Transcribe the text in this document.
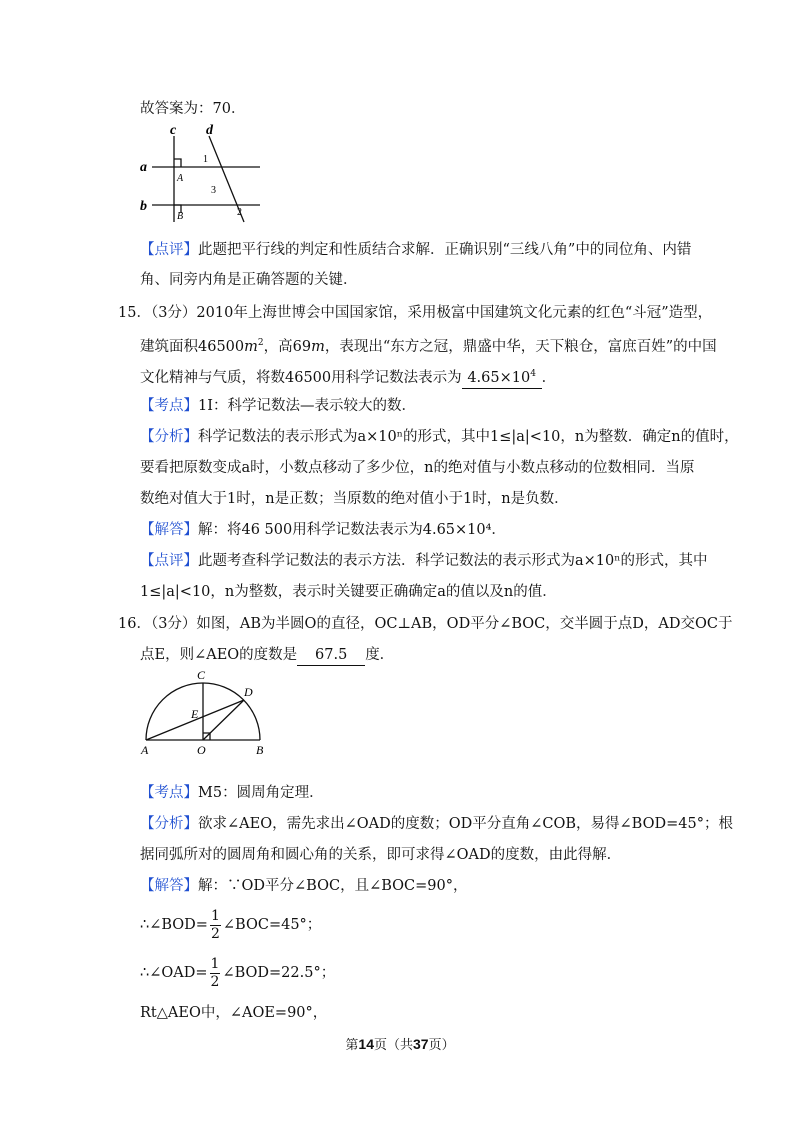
故答案为：70．
c d
a
b
A
B
1
3
2
【点评】此题把平行线的判定和性质结合求解．正确识别“三线八角”中的同位角、内错
角、同旁内角是正确答题的关键．
15．（3分）2010年上海世博会中国国家馆，采用极富中国建筑文化元素的红色“斗冠”造型，
建筑面积$46500m^2$，高69m，表现出“东方之冠，鼎盛中华，天下粮仓，富庶百姓”的中国
文化精神与气质，将数46500用科学记数法表示为 $4.65\times 10^4$ ．
【考点】1I：科学记数法—表示较大的数．
【分析】科学记数法的表示形式为a×10ⁿ的形式，其中1≤|a|<10，n为整数．确定n的值时，
要看把原数变成a时，小数点移动了多少位，n的绝对值与小数点移动的位数相同．当原
数绝对值大于1时，n是正数；当原数的绝对值小于1时，n是负数．
【解答】解：将46 500用科学记数法表示为4.65×10⁴．
【点评】此题考查科学记数法的表示方法．科学记数法的表示形式为a×10ⁿ的形式，其中
1≤|a|<10，n为整数，表示时关键要正确确定a的值以及n的值．
16．（3分）如图，AB为半圆O的直径，OC⊥AB，OD平分∠BOC，交半圆于点D，AD交OC于
点E，则∠AEO的度数是 67.5 度．
C
D
E
A	O	B
【考点】M5：圆周角定理．
【分析】欲求∠AEO，需先求出∠OAD的度数；OD平分直角∠COB，易得∠BOD=45°；根
据同弧所对的圆周角和圆心角的关系，即可求得∠OAD的度数，由此得解．
【解答】解：∵OD平分∠BOC，且∠BOC=90°，
∴∠BOD= $\frac{1}{2}$ ∠BOC=45°；
∴∠OAD= $\frac{1}{2}$ ∠BOD=22.5°；
Rt△AEO中，∠AOE=90°，
第14页（共37页）
